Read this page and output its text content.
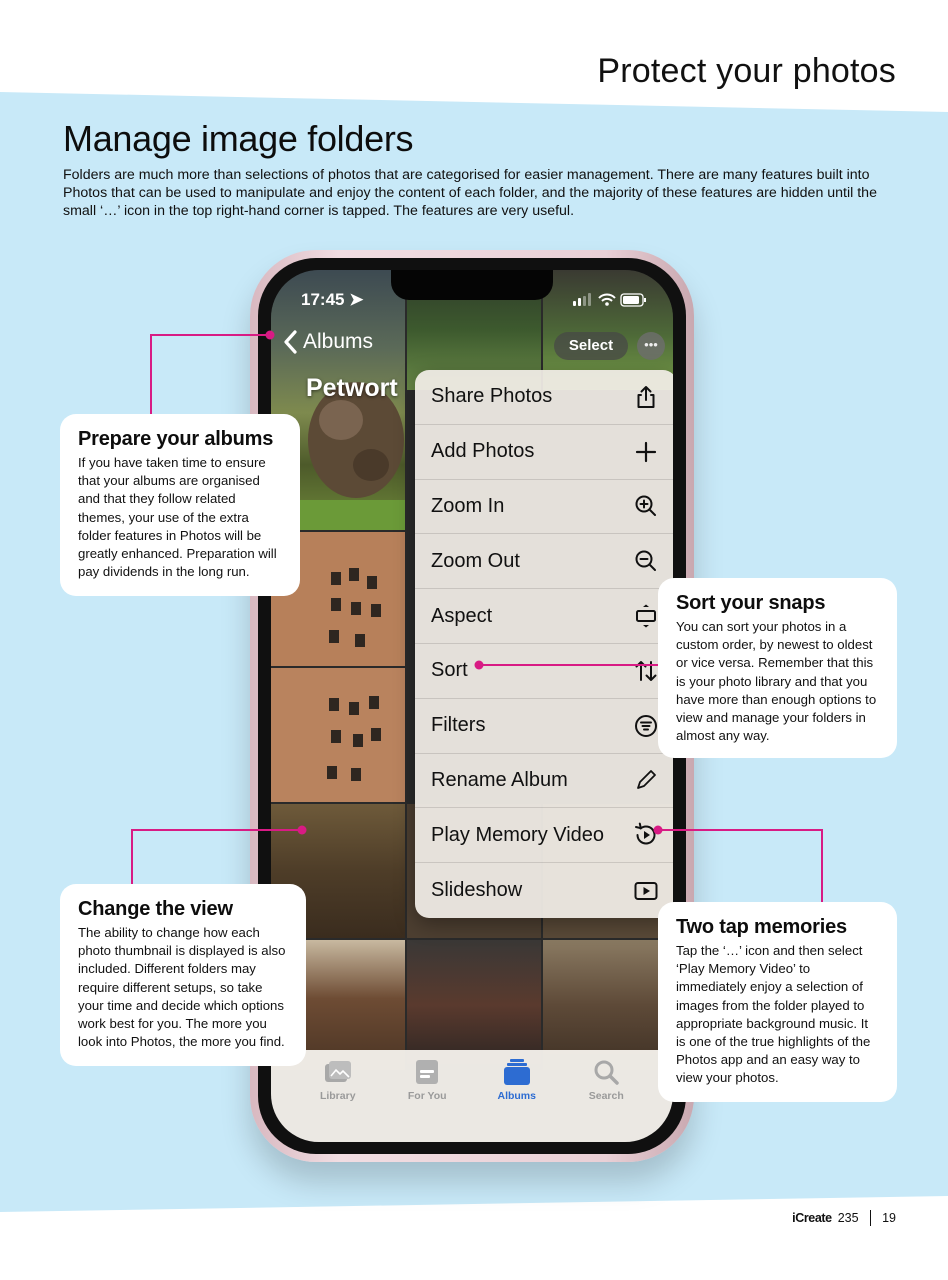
Protect your photos
Manage image folders

Folders are much more than selections of photos that are categorised for easier management. There are many features built into Photos that can be used to manipulate and enjoy the content of each folder, and the majority of these features are hidden until the small ‘…’ icon in the top right-hand corner is tapped. The features are very useful.

17:45 ➤
Albums	Select	•••
Petwort Share Photos
Add Photos
Zoom In
Zoom Out
Aspect
Sort
Filters
Rename Album
Play Memory Video
Slideshow
Library	For You	Albums	Search
Prepare your albums

If you have taken time to ensure that your albums are organised and that they follow related themes, your use of the extra folder features in Photos will be greatly enhanced. Preparation will pay dividends in the long run.

Sort your snaps

You can sort your photos in a custom order, by newest to oldest or vice versa. Remember that this is your photo library and that you have more than enough options to view and manage your folders in almost any way.

Change the view

The ability to change how each photo thumbnail is displayed is also included. Different folders may require different setups, so take your time and decide which options work best for you. The more you look into Photos, the more you find.

Two tap memories

Tap the ‘…’ icon and then select ‘Play Memory Video’ to immediately enjoy a selection of images from the folder played to appropriate background music. It is one of the true highlights of the Photos app and an easy way to view your photos.

iCreate 235 19
